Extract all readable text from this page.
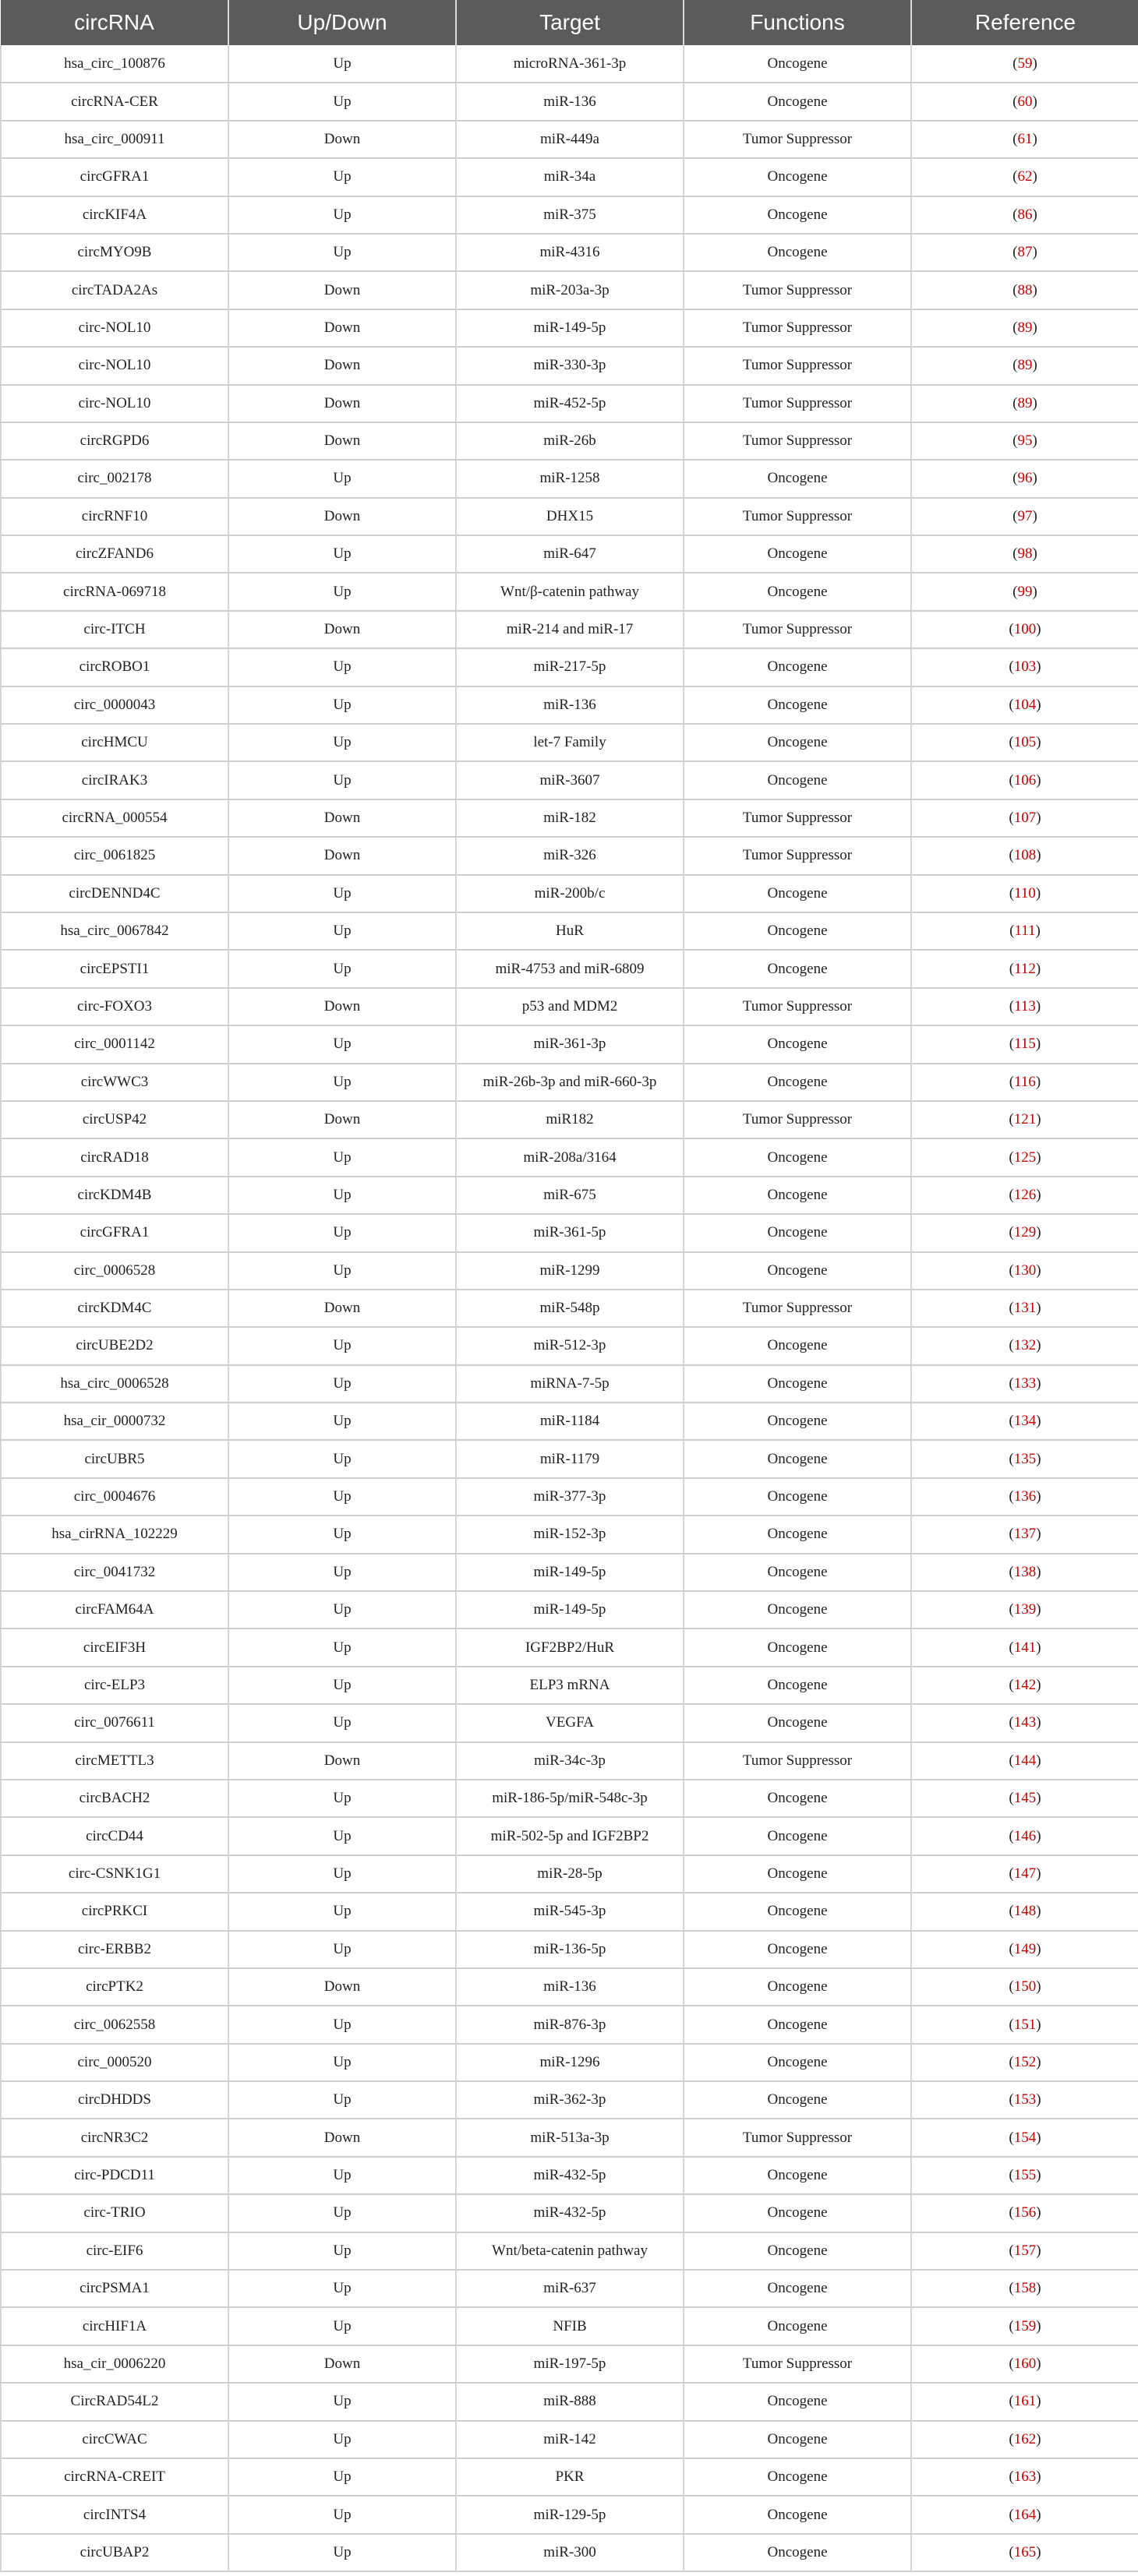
circRNA	Up/Down	Target	Functions	Reference
hsa_circ_100876	Up	microRNA-361-3p	Oncogene	(59)
circRNA-CER	Up	miR-136	Oncogene	(60)
hsa_circ_000911	Down	miR-449a	Tumor Suppressor	(61)
circGFRA1	Up	miR-34a	Oncogene	(62)
circKIF4A	Up	miR-375	Oncogene	(86)
circMYO9B	Up	miR-4316	Oncogene	(87)
circTADA2As	Down	miR-203a-3p	Tumor Suppressor	(88)
circ-NOL10	Down	miR-149-5p	Tumor Suppressor	(89)
circ-NOL10	Down	miR-330-3p	Tumor Suppressor	(89)
circ-NOL10	Down	miR-452-5p	Tumor Suppressor	(89)
circRGPD6	Down	miR-26b	Tumor Suppressor	(95)
circ_002178	Up	miR-1258	Oncogene	(96)
circRNF10	Down	DHX15	Tumor Suppressor	(97)
circZFAND6	Up	miR-647	Oncogene	(98)
circRNA-069718	Up	Wnt/β-catenin pathway	Oncogene	(99)
circ-ITCH	Down	miR-214 and miR-17	Tumor Suppressor	(100)
circROBO1	Up	miR-217-5p	Oncogene	(103)
circ_0000043	Up	miR-136	Oncogene	(104)
circHMCU	Up	let-7 Family	Oncogene	(105)
circIRAK3	Up	miR-3607	Oncogene	(106)
circRNA_000554	Down	miR-182	Tumor Suppressor	(107)
circ_0061825	Down	miR-326	Tumor Suppressor	(108)
circDENND4C	Up	miR-200b/c	Oncogene	(110)
hsa_circ_0067842	Up	HuR	Oncogene	(111)
circEPSTI1	Up	miR-4753 and miR-6809	Oncogene	(112)
circ-FOXO3	Down	p53 and MDM2	Tumor Suppressor	(113)
circ_0001142	Up	miR-361-3p	Oncogene	(115)
circWWC3	Up	miR-26b-3p and miR-660-3p	Oncogene	(116)
circUSP42	Down	miR182	Tumor Suppressor	(121)
circRAD18	Up	miR-208a/3164	Oncogene	(125)
circKDM4B	Up	miR-675	Oncogene	(126)
circGFRA1	Up	miR-361-5p	Oncogene	(129)
circ_0006528	Up	miR-1299	Oncogene	(130)
circKDM4C	Down	miR-548p	Tumor Suppressor	(131)
circUBE2D2	Up	miR-512-3p	Oncogene	(132)
hsa_circ_0006528	Up	miRNA-7-5p	Oncogene	(133)
hsa_cir_0000732	Up	miR-1184	Oncogene	(134)
circUBR5	Up	miR-1179	Oncogene	(135)
circ_0004676	Up	miR-377-3p	Oncogene	(136)
hsa_cirRNA_102229	Up	miR-152-3p	Oncogene	(137)
circ_0041732	Up	miR-149-5p	Oncogene	(138)
circFAM64A	Up	miR-149-5p	Oncogene	(139)
circEIF3H	Up	IGF2BP2/HuR	Oncogene	(141)
circ-ELP3	Up	ELP3 mRNA	Oncogene	(142)
circ_0076611	Up	VEGFA	Oncogene	(143)
circMETTL3	Down	miR-34c-3p	Tumor Suppressor	(144)
circBACH2	Up	miR-186-5p/miR-548c-3p	Oncogene	(145)
circCD44	Up	miR-502-5p and IGF2BP2	Oncogene	(146)
circ-CSNK1G1	Up	miR-28-5p	Oncogene	(147)
circPRKCI	Up	miR-545-3p	Oncogene	(148)
circ-ERBB2	Up	miR-136-5p	Oncogene	(149)
circPTK2	Down	miR-136	Oncogene	(150)
circ_0062558	Up	miR-876-3p	Oncogene	(151)
circ_000520	Up	miR-1296	Oncogene	(152)
circDHDDS	Up	miR-362-3p	Oncogene	(153)
circNR3C2	Down	miR-513a-3p	Tumor Suppressor	(154)
circ-PDCD11	Up	miR-432-5p	Oncogene	(155)
circ-TRIO	Up	miR-432-5p	Oncogene	(156)
circ-EIF6	Up	Wnt/beta-catenin pathway	Oncogene	(157)
circPSMA1	Up	miR-637	Oncogene	(158)
circHIF1A	Up	NFIB	Oncogene	(159)
hsa_cir_0006220	Down	miR-197-5p	Tumor Suppressor	(160)
CircRAD54L2	Up	miR-888	Oncogene	(161)
circCWAC	Up	miR-142	Oncogene	(162)
circRNA-CREIT	Up	PKR	Oncogene	(163)
circINTS4	Up	miR-129-5p	Oncogene	(164)
circUBAP2	Up	miR-300	Oncogene	(165)
